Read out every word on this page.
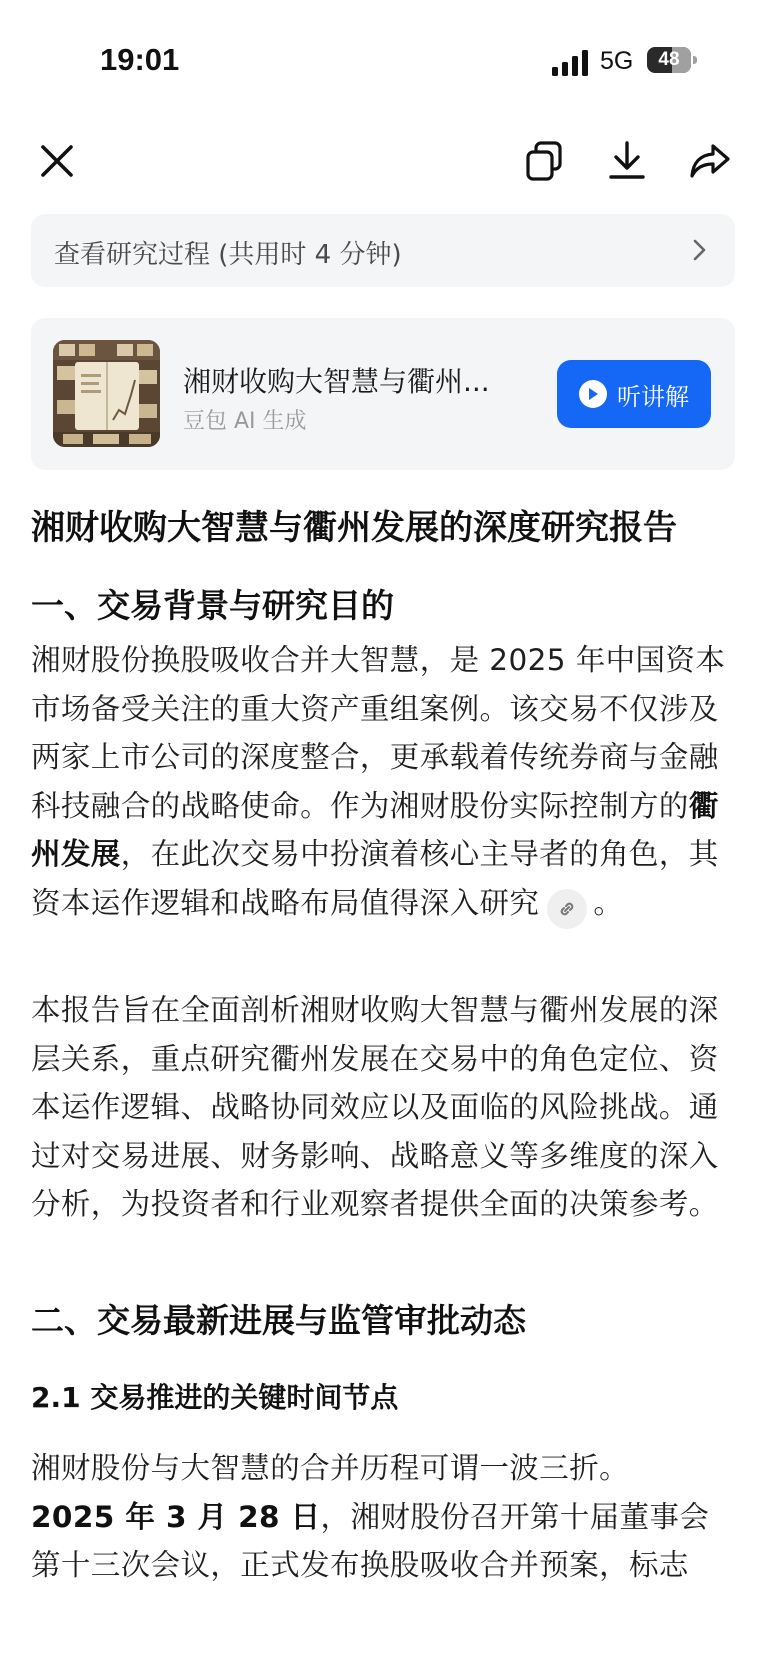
19:01	5G	48
查看研究过程 (共用时 4 分钟)
湘财收购大智慧与衢州...
豆包 AI 生成
听讲解
湘财收购大智慧与衢州发展的深度研究报告
一、交易背景与研究目的
湘财股份换股吸收合并大智慧，是 2025 年中国资本市场备受关注的重大资产重组案例。该交易不仅涉及两家上市公司的深度整合，更承载着传统券商与金融科技融合的战略使命。作为湘财股份实际控制方的衢州发展，在此次交易中扮演着核心主导者的角色，其资本运作逻辑和战略布局值得深入研究 。
本报告旨在全面剖析湘财收购大智慧与衢州发展的深层关系，重点研究衢州发展在交易中的角色定位、资本运作逻辑、战略协同效应以及面临的风险挑战。通过对交易进展、财务影响、战略意义等多维度的深入分析，为投资者和行业观察者提供全面的决策参考。
二、交易最新进展与监管审批动态
2.1 交易推进的关键时间节点
湘财股份与大智慧的合并历程可谓一波三折。
2025 年 3 月 28 日，湘财股份召开第十届董事会第十三次会议，正式发布换股吸收合并预案，标志
